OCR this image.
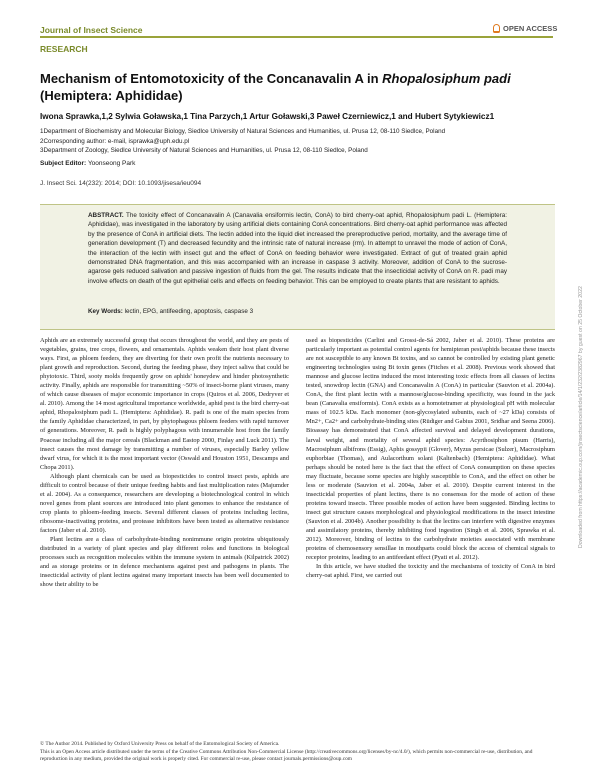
Journal of Insect Science	OPEN ACCESS
RESEARCH
Mechanism of Entomotoxicity of the Concanavalin A in Rhopalosiphum padi
(Hemiptera: Aphididae)
Iwona Sprawka,1,2 Sylwia Goławska,1 Tina Parzych,1 Artur Goławski,3 Paweł Czerniewicz,1 and Hubert Sytykiewicz1

1Department of Biochemistry and Molecular Biology, Siedlce University of Natural Sciences and Humanities, ul. Prusa 12, 08-110 Siedlce, Poland

2Corresponding author: e-mail, isprawka@uph.edu.pl

3Department of Zoology, Siedlce University of Natural Sciences and Humanities, ul. Prusa 12, 08-110 Siedlce, Poland

Subject Editor: Yoonseong Park
J. Insect Sci. 14(232): 2014; DOI: 10.1093/jisesa/ieu094
ABSTRACT. The toxicity effect of Concanavalin A (Canavalia ensiformis lectin, ConA) to bird cherry-oat aphid, Rhopalosiphum padi L. (Hemiptera: Aphididae), was investigated in the laboratory by using artificial diets containing ConA concentrations. Bird cherry-oat aphid performance was affected by the presence of ConA in artificial diets. The lectin added into the liquid diet increased the prereproductive period, mortality, and the average time of generation development (T) and decreased fecundity and the intrinsic rate of natural increase (rm). In attempt to unravel the mode of action of ConA, the interaction of the lectin with insect gut and the effect of ConA on feeding behavior were investigated. Extract of gut of treated grain aphid demonstrated DNA fragmentation, and this was accompanied with an increase in caspase 3 activity. Moreover, addition of ConA to the sucrose-agarose gels reduced salivation and passive ingestion of fluids from the gel. The results indicate that the insecticidal activity of ConA on R. padi may involve effects on death of the gut epithelial cells and effects on feeding behavior. This can be employed to create plants that are resistant to aphids.
Key Words: lectin, EPG, antifeeding, apoptosis, caspase 3

Aphids are an extremely successful group that occurs throughout the world, and they are pests of vegetables, grains, tree crops, flowers, and ornamentals. Aphids weaken their host plant diverse ways. First, as phloem feeders, they are diverting for their own profit the nutrients necessary to plant growth and reproduction. Second, during the feeding phase, they inject saliva that could be phytotoxic. Third, sooty molds frequently grow on aphids' honeydew and hinder photosynthetic activity. Finally, aphids are responsible for transmitting ~50% of insect-borne plant viruses, many of which cause diseases of major economic importance in crops (Quiros et al. 2006, Dedryver et al. 2010). Among the 14 most agricultural importance worldwide, aphid pest is the bird cherry-oat aphid, Rhopalosiphum padi L. (Hemiptera: Aphididae). R. padi is one of the main species from the family Aphididae characterized, in part, by phytophagous phloem feeders with rapid turnover of generations. Moreover, R. padi is highly polyphagous with innumerable host from the family Poaceae including all the major cereals (Blackman and Eastop 2000, Finlay and Luck 2011). The insect causes the most damage by transmitting a number of viruses, especially Barley yellow dwarf virus, for which it is the most important vector (Oswald and Houston 1951, Descamps and Chopa 2011).

Although plant chemicals can be used as biopesticides to control insect pests, aphids are difficult to control because of their unique feeding habits and fast multiplication rates (Majumder et al. 2004). As a consequence, researchers are developing a biotechnological control in which novel genes from plant sources are introduced into plant genomes to enhance the resistance of crop plants to phloem-feeding insects. Several different classes of proteins including lectins, ribosome-inactivating proteins, and protease inhibitors have been tested as alternative resistance factors (Jaber et al. 2010).

Plant lectins are a class of carbohydrate-binding nonimmune origin proteins ubiquitously distributed in a variety of plant species and play different roles and functions in biological processes such as recognition molecules within the immune system in animals (Kilpatrick 2002) and as storage proteins or in defence mechanisms against pest and pathogens in plants. The insecticidal activity of plant lectins against many important insects has been well documented to show their ability to be

used as biopesticides (Carlini and Grossi-de-Sá 2002, Jaber et al. 2010). These proteins are particularly important as potential control agents for hemipteran pest/aphids because these insects are not susceptible to any known Bt toxins, and so cannot be controlled by existing plant genetic engineering technologies using Bt toxin genes (Fitches et al. 2008). Previous work showed that mannose and glucose lectins induced the most interesting toxic effects from all classes of lectins tested, snowdrop lectin (GNA) and Concanavalin A (ConA) in particular (Sauvion et al. 2004a). ConA, the first plant lectin with a mannose/glucose-binding specificity, was found in the jack bean (Canavalia ensiformis). ConA exists as a homotetramer at physiological pH with molecular mass of 102.5 kDa. Each monomer (non-glycosylated subunits, each of ~27 kDa) consists of Mn2+, Ca2+ and carbohydrate-binding sites (Rüdiger and Gabius 2001, Sridhar and Seena 2006). Bioassay has demonstrated that ConA affected survival and delayed development durations, larval weight, and mortality of several aphid species: Acyrthosiphon pisum (Harris), Macrosiphum albifrons (Essig), Aphis gossypii (Glover), Myzus persicae (Sulzer), Macrosiphum euphorbiae (Thomas), and Aulacorthum solani (Kaltenbach) (Hemiptera: Aphididae). What perhaps should be noted here is the fact that the effect of ConA consumption on these species may fluctuate, because some species are highly susceptible to ConA, and the effect on other be less or moderate (Sauvion et al. 2004a, Jaber et al. 2010). Despite current interest in the insecticidal properties of plant lectins, there is no consensus for the mode of action of these proteins toward insects. Three possible modes of action have been suggested. Binding lectins to insect gut structure causes morphological and physiological modifications in the insect intestine (Sauvion et al. 2004b). Another possibility is that the lectins can interfere with digestive enzymes and assimilatory proteins, thereby inhibiting food ingestion (Singh et al. 2006, Sprawka et al. 2012). Moreover, binding of lectins to the carbohydrate moieties associated with membrane proteins of chemosensory sensillae in mouthparts could block the access of chemical signals to receptor proteins, leading to an antifeedant effect (Pyati et al. 2012).

In this article, we have studied the toxicity and the mechanisms of toxicity of ConA in bird cherry-oat aphid. First, we carried out

© The Author 2014. Published by Oxford University Press on behalf of the Entomological Society of America.
This is an Open Access article distributed under the terms of the Creative Commons Attribution Non-Commercial License (http://creativecommons.org/licenses/by-nc/4.0/), which permits non-commercial re-use, distribution, and reproduction in any medium, provided the original work is properly cited. For commercial re-use, please contact journals.permissions@oup.com
Downloaded from https://academic.oup.com/jinsectscience/article/14/1/232/2382967 by guest on 25 October 2022
